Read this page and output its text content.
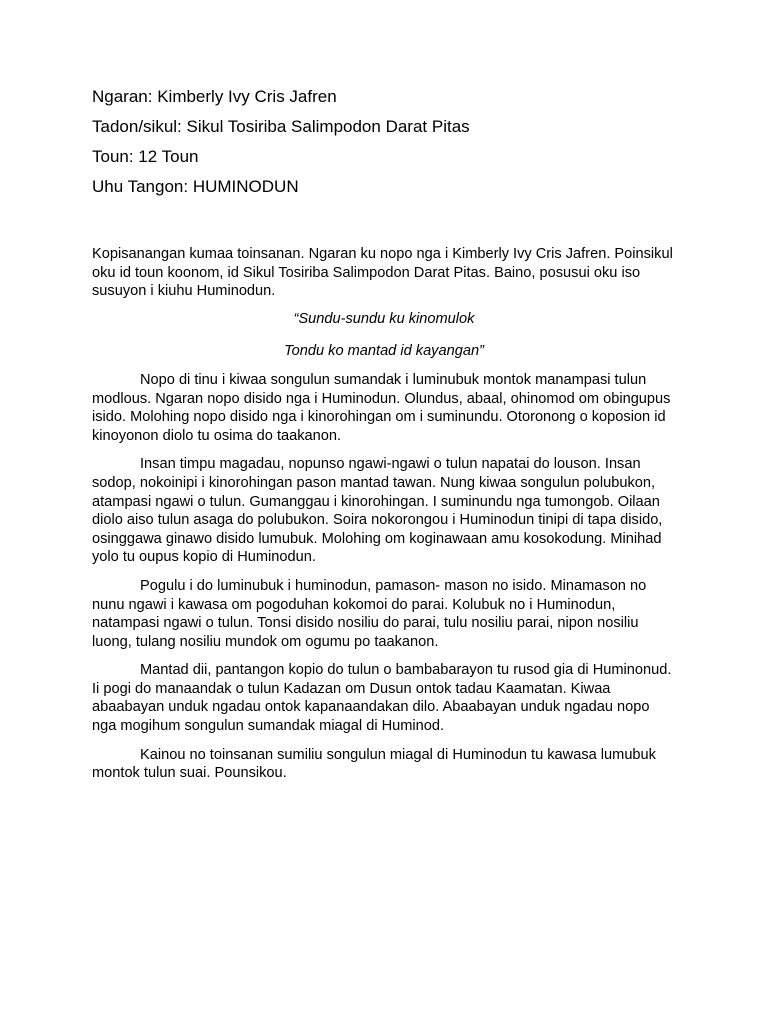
Ngaran: Kimberly Ivy Cris Jafren

Tadon/sikul: Sikul Tosiriba Salimpodon Darat Pitas

Toun: 12 Toun

Uhu Tangon: HUMINODUN

Kopisanangan kumaa toinsanan. Ngaran ku nopo nga i Kimberly Ivy Cris Jafren. Poinsikul oku id toun koonom, id Sikul Tosiriba Salimpodon Darat Pitas. Baino, posusui oku iso susuyon i kiuhu Huminodun.

“Sundu-sundu ku kinomulok

Tondu ko mantad id kayangan”

Nopo di tinu i kiwaa songulun sumandak i luminubuk montok manampasi tulun modlous. Ngaran nopo disido nga i Huminodun. Olundus, abaal, ohinomod om obingupus isido. Molohing nopo disido nga i kinorohingan om i suminundu. Otoronong o koposion id kinoyonon diolo tu osima do taakanon.

Insan timpu magadau, nopunso ngawi-ngawi o tulun napatai do louson. Insan sodop, nokoinipi i kinorohingan pason mantad tawan. Nung kiwaa songulun polubukon, atampasi ngawi o tulun. Gumanggau i kinorohingan. I suminundu nga tumongob. Oilaan diolo aiso tulun asaga do polubukon. Soira nokorongou i Huminodun tinipi di tapa disido, osinggawa ginawo disido lumubuk. Molohing om koginawaan amu kosokodung. Minihad yolo tu oupus kopio di Huminodun.

Pogulu i do luminubuk i huminodun, pamason- mason no isido. Minamason no nunu ngawi i kawasa om pogoduhan kokomoi do parai. Kolubuk no i Huminodun, natampasi ngawi o tulun. Tonsi disido nosiliu do parai, tulu nosiliu parai, nipon nosiliu luong, tulang nosiliu mundok om ogumu po taakanon.

Mantad dii, pantangon kopio do tulun o bambabarayon tu rusod gia di Huminonud. Ii pogi do manaandak o tulun Kadazan om Dusun ontok tadau Kaamatan. Kiwaa abaabayan unduk ngadau ontok kapanaandakan dilo. Abaabayan unduk ngadau nopo nga mogihum songulun sumandak miagal di Huminod.

Kainou no toinsanan sumiliu songulun miagal di Huminodun tu kawasa lumubuk montok tulun suai. Pounsikou.
